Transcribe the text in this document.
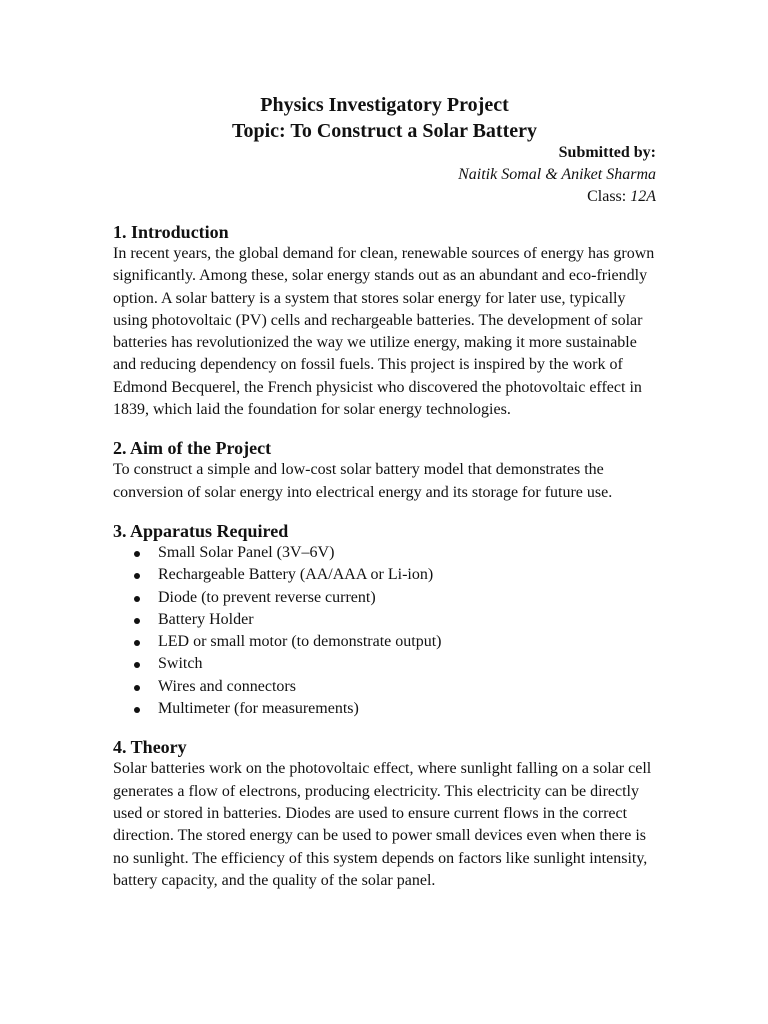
Physics Investigatory Project
Topic: To Construct a Solar Battery
Submitted by:
Naitik Somal & Aniket Sharma
Class: 12A
1. Introduction

In recent years, the global demand for clean, renewable sources of energy has grown significantly. Among these, solar energy stands out as an abundant and eco-friendly option. A solar battery is a system that stores solar energy for later use, typically using photovoltaic (PV) cells and rechargeable batteries. The development of solar batteries has revolutionized the way we utilize energy, making it more sustainable and reducing dependency on fossil fuels. This project is inspired by the work of Edmond Becquerel, the French physicist who discovered the photovoltaic effect in 1839, which laid the foundation for solar energy technologies.

2. Aim of the Project

To construct a simple and low-cost solar battery model that demonstrates the conversion of solar energy into electrical energy and its storage for future use.

3. Apparatus Required
Small Solar Panel (3V–6V)
Rechargeable Battery (AA/AAA or Li-ion)
Diode (to prevent reverse current)
Battery Holder
LED or small motor (to demonstrate output)
Switch
Wires and connectors
Multimeter (for measurements)
4. Theory

Solar batteries work on the photovoltaic effect, where sunlight falling on a solar cell generates a flow of electrons, producing electricity. This electricity can be directly used or stored in batteries. Diodes are used to ensure current flows in the correct direction. The stored energy can be used to power small devices even when there is no sunlight. The efficiency of this system depends on factors like sunlight intensity, battery capacity, and the quality of the solar panel.
